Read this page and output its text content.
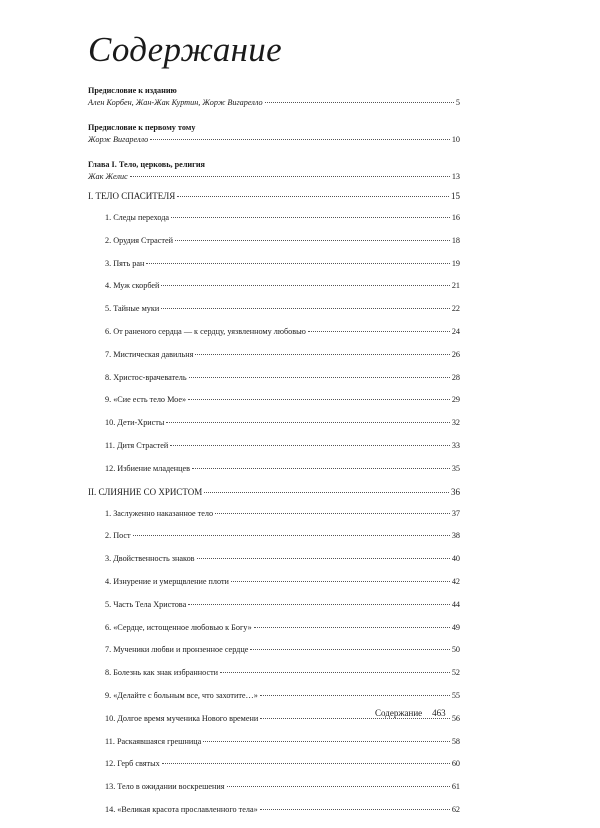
Содержание
Предисловие к изданию
Ален Корбен, Жан-Жак Куртин, Жорж Вигарелло	5
Предисловие к первому тому
Жорж Вигарелло	10
Глава I. Тело, церковь, религия
Жак Желис	13
I. ТЕЛО СПАСИТЕЛЯ	15
1. Следы перехода	16
2. Орудия Страстей	18
3. Пять ран	19
4. Муж скорбей	21
5. Тайные муки	22
6. От раненого сердца — к сердцу, уязвленному любовью	24
7. Мистическая давильня	26
8. Христос-врачеватель	28
9. «Сие есть тело Мое»	29
10. Дети-Христы	32
11. Дитя Страстей	33
12. Избиение младенцев	35
II. СЛИЯНИЕ СО ХРИСТОМ	36
1. Заслуженно наказанное тело	37
2. Пост	38
3. Двойственность знаков	40
4. Изнурение и умерщвление плоти	42
5. Часть Тела Христова	44
6. «Сердце, истощенное любовью к Богу»	49
7. Мученики любви и пронзенное сердце	50
8. Болезнь как знак избранности	52
9. «Делайте с больным все, что захотите…»	55
10. Долгое время мученика Нового времени	56
11. Раскаявшаяся грешница	58
12. Герб святых	60
13. Тело в ожидании воскрешения	61
14. «Великая красота прославленного тела»	62
Содержание 463
